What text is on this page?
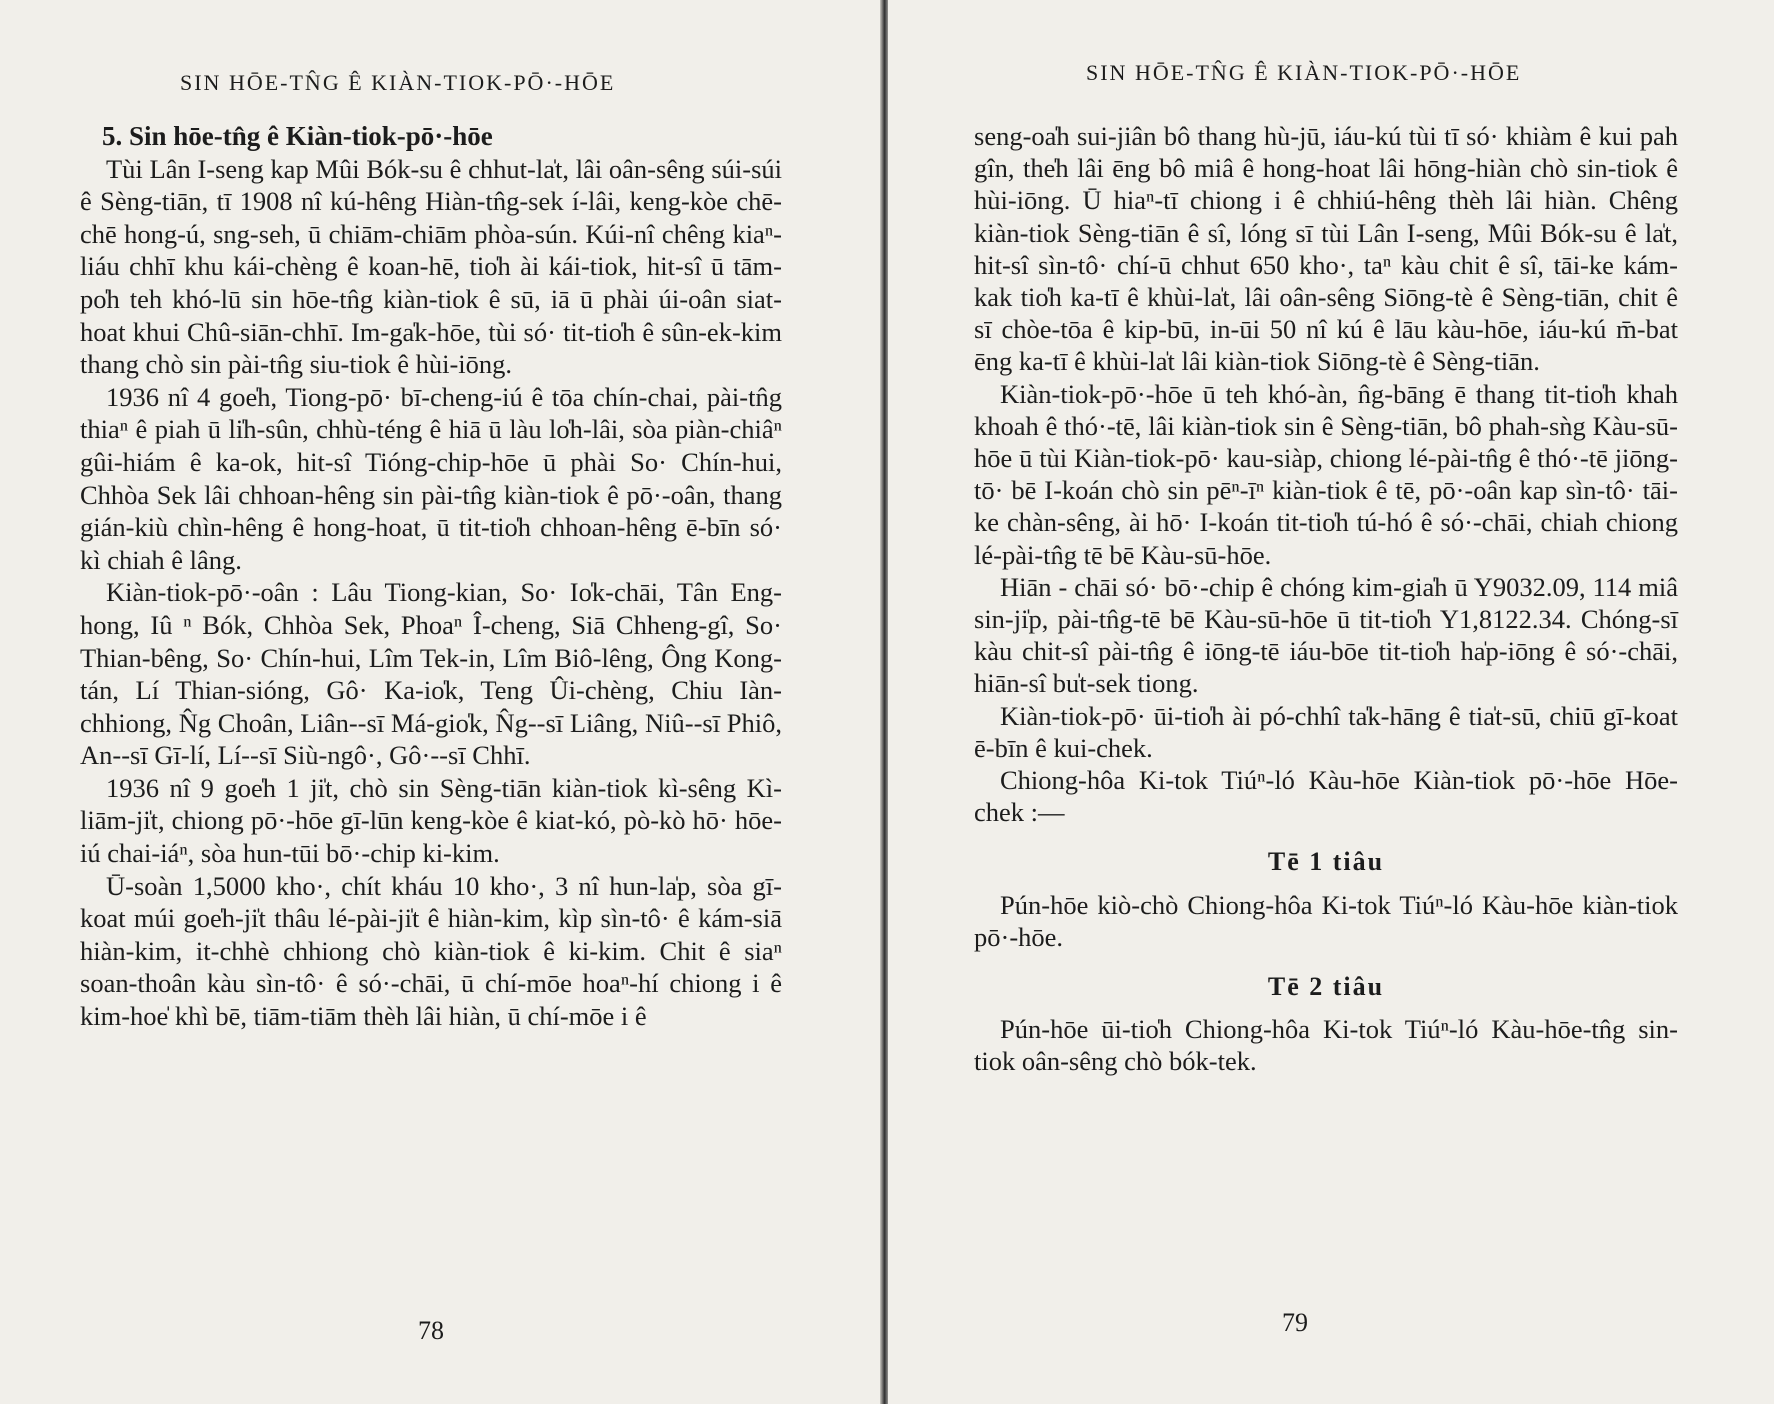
SIN HŌE-TN̂G Ê KIÀN-TIOK-PŌ·-HŌE

5. Sin hōe-tn̂g ê Kiàn-tiok-pō·-hōe

Tùi Lân I-seng kap Mûi Bók-su ê chhut-la̍t, lâi oân-sêng súi-súi ê Sèng-tiān, tī 1908 nî kú-hêng Hiàn-tn̂g-sek í-lâi, keng-kòe chē-chē hong-ú, sng-seh, ū chiām-chiām phòa-sún. Kúi-nî chêng kiaⁿ-liáu chhī khu kái-chèng ê koan-hē, tio̍h ài kái-tiok, hit-sî ū tām-po̍h teh khó-lū sin hōe-tn̂g kiàn-tiok ê sū, iā ū phài úi-oân siat-hoat khui Chû-siān-chhī. Im-ga̍k-hōe, tùi só· tit-tio̍h ê sûn-ek-kim thang chò sin pài-tn̂g siu-tiok ê hùi-iōng.

1936 nî 4 goe̍h, Tiong-pō· bī-cheng-iú ê tōa chín-chai, pài-tn̂g thiaⁿ ê piah ū li̍h-sûn, chhù-téng ê hiā ū làu lo̍h-lâi, sòa piàn-chiâⁿ gûi-hiám ê ka-ok, hit-sî Tióng-chip-hōe ū phài So· Chín-hui, Chhòa Sek lâi chhoan-hêng sin pài-tn̂g kiàn-tiok ê pō·-oân, thang gián-kiù chìn-hêng ê hong-hoat, ū tit-tio̍h chhoan-hêng ē-bīn só· kì chiah ê lâng.

Kiàn-tiok-pō·-oân : Lâu Tiong-kian, So· Io̍k-chāi, Tân Eng-hong, Iû ⁿ Bók, Chhòa Sek, Phoaⁿ Î-cheng, Siā Chheng-gî, So· Thian-bêng, So· Chín-hui, Lîm Tek-in, Lîm Biô-lêng, Ông Kong-tán, Lí Thian-sióng, Gô· Ka-io̍k, Teng Ûi-chèng, Chiu Iàn-chhiong, N̂g Choân, Liân--sī Má-gio̍k, N̂g--sī Liâng, Niû--sī Phiô, An--sī Gī-lí, Lí--sī Siù-ngô·, Gô·--sī Chhī.

1936 nî 9 goe̍h 1 ji̍t, chò sin Sèng-tiān kiàn-tiok kì-sêng Kì-liām-ji̍t, chiong pō·-hōe gī-lūn keng-kòe ê kiat-kó, pò-kò hō· hōe-iú chai-iáⁿ, sòa hun-tūi bō·-chip ki-kim.

Ū-soàn 1,5000 kho·, chít kháu 10 kho·, 3 nî hun-la̍p, sòa gī-koat múi goe̍h-ji̍t thâu lé-pài-ji̍t ê hiàn-kim, kìp sìn-tô· ê kám-siā hiàn-kim, it-chhè chhiong chò kiàn-tiok ê ki-kim. Chit ê siaⁿ soan-thoân kàu sìn-tô· ê só·-chāi, ū chí-mōe hoaⁿ-hí chiong i ê kim-hoe̍ khì bē, tiām-tiām thèh lâi hiàn, ū chí-mōe i ê

78
SIN HŌE-TN̂G Ê KIÀN-TIOK-PŌ·-HŌE

seng-oa̍h sui-jiân bô thang hù-jū, iáu-kú tùi tī só· khiàm ê kui pah gîn, the̍h lâi ēng bô miâ ê hong-hoat lâi hōng-hiàn chò sin-tiok ê hùi-iōng. Ū hiaⁿ-tī chiong i ê chhiú-hêng thèh lâi hiàn. Chêng kiàn-tiok Sèng-tiān ê sî, lóng sī tùi Lân I-seng, Mûi Bók-su ê la̍t, hit-sî sìn-tô· chí-ū chhut 650 kho·, taⁿ kàu chit ê sî, tāi-ke kám-kak tio̍h ka-tī ê khùi-la̍t, lâi oân-sêng Siōng-tè ê Sèng-tiān, chit ê sī chòe-tōa ê kip-bū, in-ūi 50 nî kú ê lāu kàu-hōe, iáu-kú m̄-bat ēng ka-tī ê khùi-la̍t lâi kiàn-tiok Siōng-tè ê Sèng-tiān.

Kiàn-tiok-pō·-hōe ū teh khó-àn, n̂g-bāng ē thang tit-tio̍h khah khoah ê thó·-tē, lâi kiàn-tiok sin ê Sèng-tiān, bô phah-sǹg Kàu-sū-hōe ū tùi Kiàn-tiok-pō· kau-siàp, chiong lé-pài-tn̂g ê thó·-tē jiōng-tō· bē I-koán chò sin pēⁿ-īⁿ kiàn-tiok ê tē, pō·-oân kap sìn-tô· tāi-ke chàn-sêng, ài hō· I-koán tit-tio̍h tú-hó ê só·-chāi, chiah chiong lé-pài-tn̂g tē bē Kàu-sū-hōe.

Hiān - chāi só· bō·-chip ê chóng kim-gia̍h ū Y9032.09, 114 miâ sin-ji̍p, pài-tn̂g-tē bē Kàu-sū-hōe ū tit-tio̍h Y1,8122.34. Chóng-sī kàu chit-sî pài-tn̂g ê iōng-tē iáu-bōe tit-tio̍h ha̍p-iōng ê só·-chāi, hiān-sî bu̍t-sek tiong.

Kiàn-tiok-pō· ūi-tio̍h ài pó-chhî ta̍k-hāng ê tia̍t-sū, chiū gī-koat ē-bīn ê kui-chek.

Chiong-hôa Ki-tok Tiúⁿ-ló Kàu-hōe Kiàn-tiok pō·-hōe Hōe-chek :—

Tē 1 tiâu

Pún-hōe kiò-chò Chiong-hôa Ki-tok Tiúⁿ-ló Kàu-hōe kiàn-tiok pō·-hōe.

Tē 2 tiâu

Pún-hōe ūi-tio̍h Chiong-hôa Ki-tok Tiúⁿ-ló Kàu-hōe-tn̂g sin-tiok oân-sêng chò bók-tek.

79
